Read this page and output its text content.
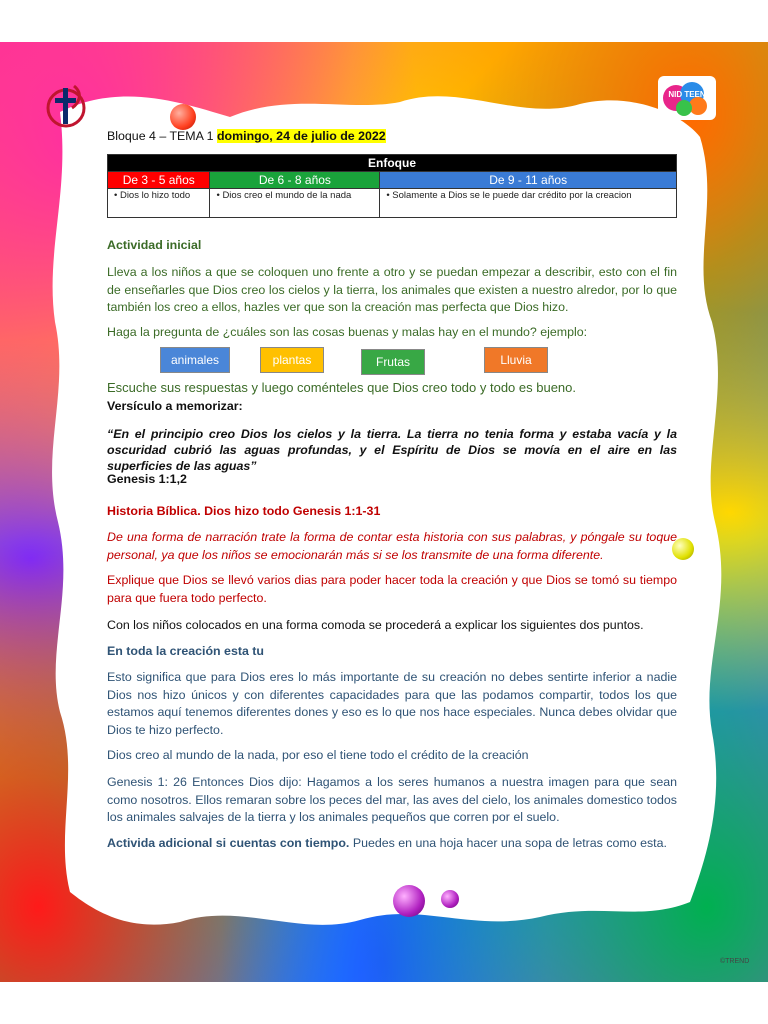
NID TEEN

Bloque 4 – TEMA 1 domingo, 24 de julio de 2022

Enfoque		
De 3 - 5 años	De 6 - 8 años	De 9 - 11 años
• Dios lo hizo todo	• Dios creo el mundo de la nada	• Solamente a Dios se le puede dar crédito por la creacion

Actividad inicial

Lleva a los niños a que se coloquen uno frente a otro y se puedan empezar a describir, esto con el fin de enseñarles que Dios creo los cielos y la tierra, los animales que existen a nuestro alredor, por lo que también los creo a ellos, hazles ver que son la creación mas perfecta que Dios hizo.

Haga la pregunta de ¿cuáles son las cosas buenas y malas hay en el mundo? ejemplo:

animales	plantas	Frutas	Lluvia

Escuche sus respuestas y luego coménteles que Dios creo todo y todo es bueno.

Versículo a memorizar:

“En el principio creo Dios los cielos y la tierra. La tierra no tenia forma y estaba vacía y la oscuridad cubrió las aguas profundas, y el Espíritu de Dios se movía en el aire en las superficies de las aguas”

Genesis 1:1,2

Historia Bíblica. Dios hizo todo Genesis 1:1-31

De una forma de narración trate la forma de contar esta historia con sus palabras, y póngale su toque personal, ya que los niños se emocionarán más si se los transmite de una forma diferente.

Explique que Dios se llevó varios dias para poder hacer toda la creación y que Dios se tomó su tiempo para que fuera todo perfecto.

Con los niños colocados en una forma comoda se procederá a explicar los siguientes dos puntos.

En toda la creación esta tu

Esto significa que para Dios eres lo más importante de su creación no debes sentirte inferior a nadie Dios nos hizo únicos y con diferentes capacidades para que las podamos compartir, todos los que estamos aquí tenemos diferentes dones y eso es lo que nos hace especiales. Nunca debes olvidar que Dios te hizo perfecto.

Dios creo al mundo de la nada, por eso el tiene todo el crédito de la creación

Genesis 1: 26 Entonces Dios dijo: Hagamos a los seres humanos a nuestra imagen para que sean como nosotros. Ellos remaran sobre los peces del mar, las aves del cielo, los animales domestico todos los animales salvajes de la tierra y los animales pequeños que corren por el suelo.

Activida adicional si cuentas con tiempo. Puedes en una hoja hacer una sopa de letras como esta.

©TREND
